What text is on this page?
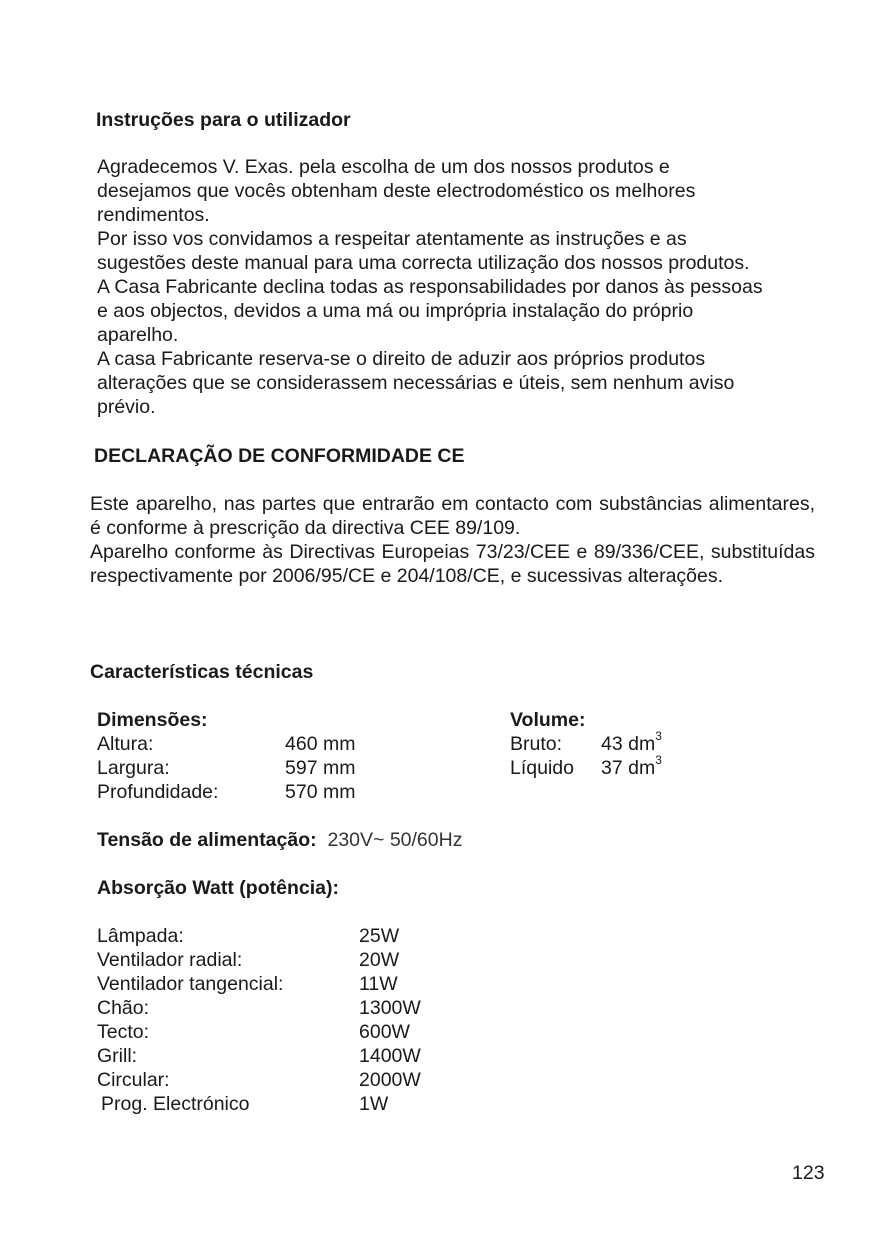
Instruções para o utilizador

Agradecemos V. Exas. pela escolha de um dos nossos produtos e

desejamos que vocês obtenham deste electrodoméstico os melhores

rendimentos.

Por isso vos convidamos a respeitar atentamente as instruções e as

sugestões deste manual para uma correcta utilização dos nossos produtos.

A Casa Fabricante declina todas as responsabilidades por danos às pessoas

e aos objectos, devidos a uma má ou imprópria instalação do próprio

aparelho.

A casa Fabricante reserva-se o direito de aduzir aos próprios produtos

alterações que se considerassem necessárias e úteis, sem nenhum aviso

prévio.

DECLARAÇÃO DE CONFORMIDADE CE

Este aparelho, nas partes que entrarão em contacto com substâncias alimentares, é conforme à prescrição da directiva CEE 89/109.

Aparelho conforme às Directivas Europeias 73/23/CEE e 89/336/CEE, substituídas respectivamente por 2006/95/CE e 204/108/CE, e sucessivas alterações.

Características técnicas
Dimensões:
Altura:	460 mm
Largura:	597 mm
Profundidade:	570 mm
Volume:
Bruto: 43 $dm^3$
Líquido 37 $dm^3$
Tensão de alimentação: 230V~ 50/60Hz
Absorção Watt (potência):
Lâmpada:	25W
Ventilador radial:	20W
Ventilador tangencial:	11W
Chão:	1300W
Tecto:	600W
Grill:	1400W
Circular:	2000W
Prog. Electrónico	1W
123
